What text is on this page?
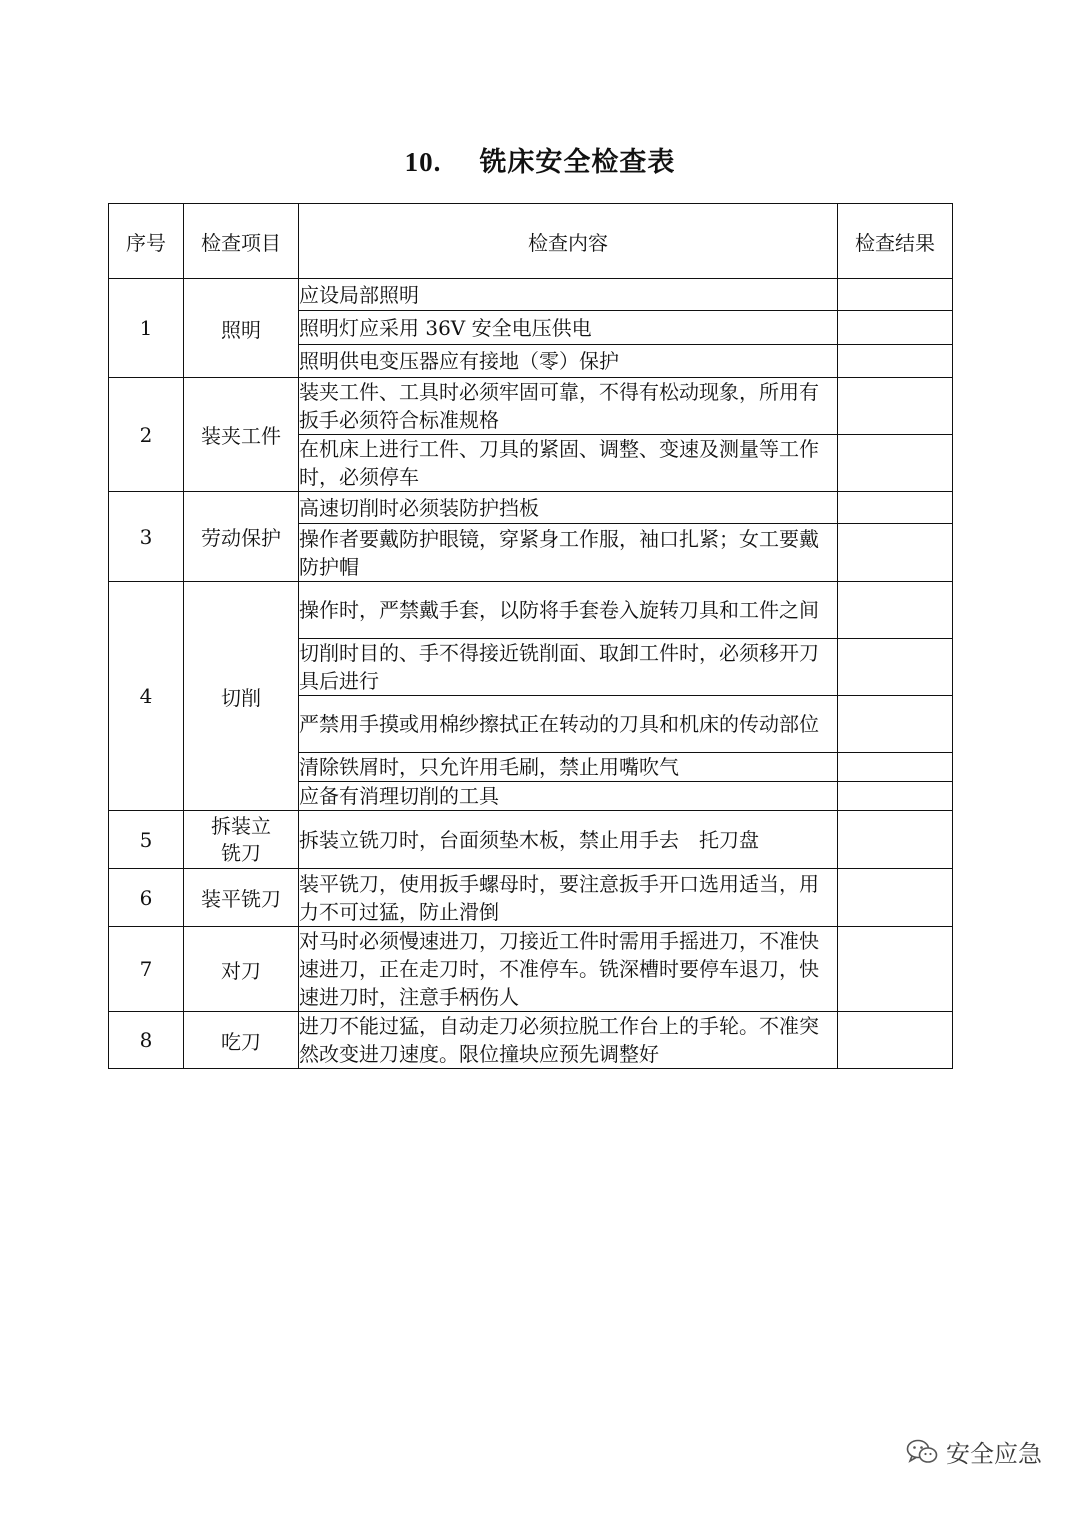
10. 铣床安全检查表
序号	检查项目	检查内容	检查结果
1	照明	应设局部照明	
		照明灯应采用 36V 安全电压供电	
		照明供电变压器应有接地（零）保护	
2	装夹工件	装夹工件、工具时必须牢固可靠，不得有松动现象，所用有扳手必须符合标准规格	
		在机床上进行工件、刀具的紧固、调整、变速及测量等工作时，必须停车	
3	劳动保护	高速切削时必须装防护挡板	
		操作者要戴防护眼镜，穿紧身工作服，袖口扎紧；女工要戴防护帽	
4	切削	操作时，严禁戴手套，以防将手套卷入旋转刀具和工件之间	
		切削时目的、手不得接近铣削面、取卸工件时，必须移开刀具后进行	
		严禁用手摸或用棉纱擦拭正在转动的刀具和机床的传动部位	
		清除铁屑时，只允许用毛刷，禁止用嘴吹气	
		应备有消理切削的工具	
5	拆装立铣刀	拆装立铣刀时，台面须垫木板，禁止用手去　托刀盘	
6	装平铣刀	装平铣刀，使用扳手螺母时，要注意扳手开口选用适当，用力不可过猛，防止滑倒	
7	对刀	对马时必须慢速进刀，刀接近工件时需用手摇进刀，不准快速进刀，正在走刀时，不准停车。铣深槽时要停车退刀，快速进刀时，注意手柄伤人	
8	吃刀	进刀不能过猛，自动走刀必须拉脱工作台上的手轮。不准突然改变进刀速度。限位撞块应预先调整好	
安全应急
